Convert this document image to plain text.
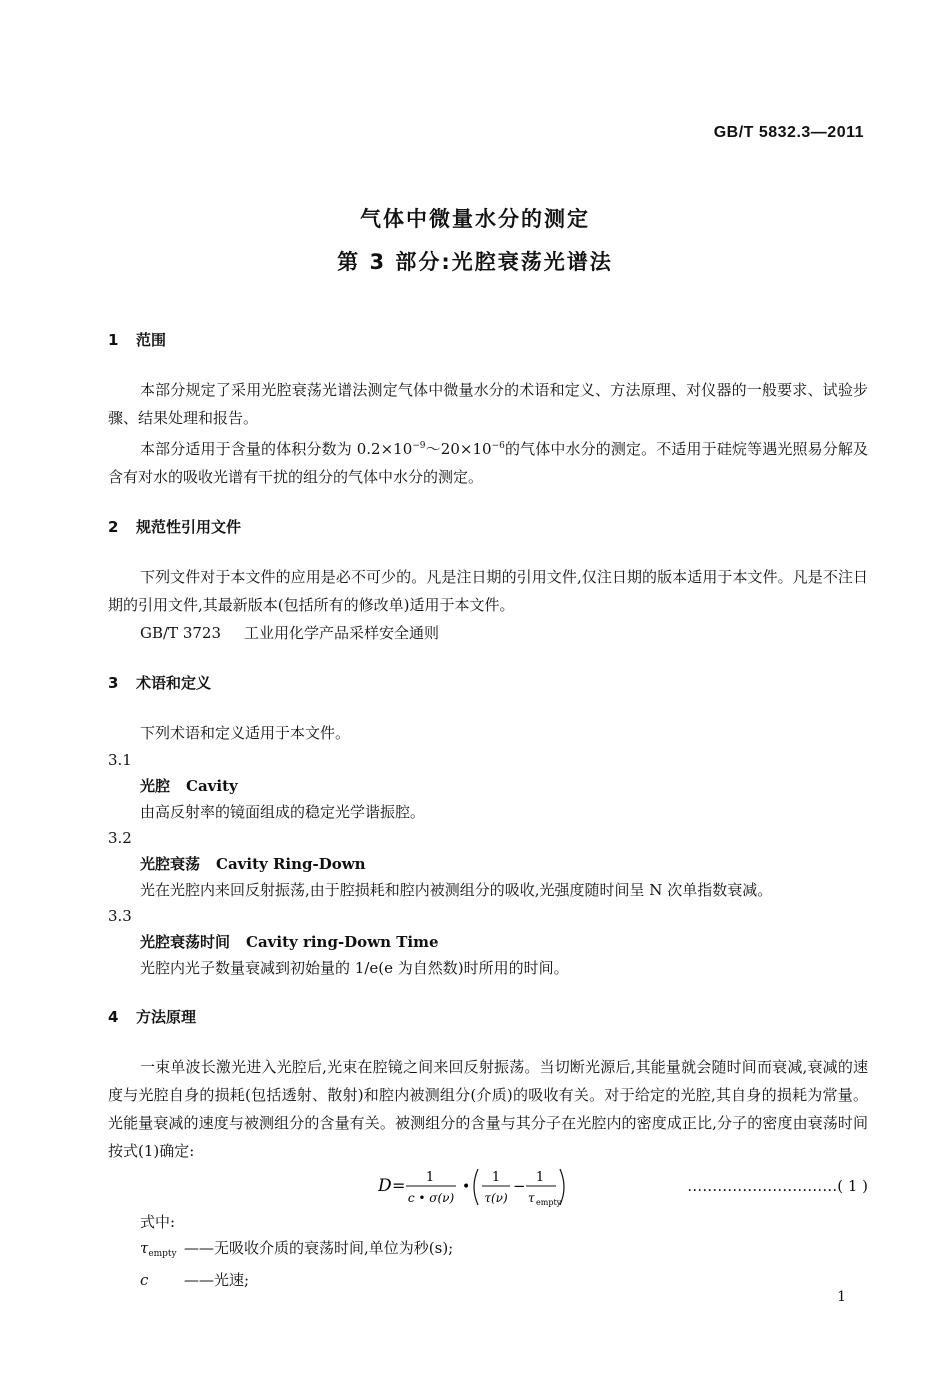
GB/T 5832.3—2011
气体中微量水分的测定
第 3 部分:光腔衰荡光谱法
1 范围
本部分规定了采用光腔衰荡光谱法测定气体中微量水分的术语和定义、方法原理、对仪器的一般要求、试验步骤、结果处理和报告。
本部分适用于含量的体积分数为 $0.2\times 10^{-9}\sim 20\times 10^{-6}$的气体中水分的测定。不适用于硅烷等遇光照易分解及含有对水的吸收光谱有干扰的组分的气体中水分的测定。
2 规范性引用文件
下列文件对于本文件的应用是必不可少的。凡是注日期的引用文件,仅注日期的版本适用于本文件。凡是不注日期的引用文件,其最新版本(包括所有的修改单)适用于本文件。
GB/T 3723 工业用化学产品采样安全通则
3 术语和定义
下列术语和定义适用于本文件。
3.1
光腔 Cavity
由高反射率的镜面组成的稳定光学谐振腔。
3.2
光腔衰荡 Cavity Ring-Down
光在光腔内来回反射振荡,由于腔损耗和腔内被测组分的吸收,光强度随时间呈 N 次单指数衰减。
3.3
光腔衰荡时间 Cavity ring-Down Time
光腔内光子数量衰减到初始量的 1/e(e 为自然数)时所用的时间。
4 方法原理
一束单波长激光进入光腔后,光束在腔镜之间来回反射振荡。当切断光源后,其能量就会随时间而衰减,衰减的速度与光腔自身的损耗(包括透射、散射)和腔内被测组分(介质)的吸收有关。对于给定的光腔,其自身的损耗为常量。光能量衰减的速度与被测组分的含量有关。被测组分的含量与其分子在光腔内的密度成正比,分子的密度由衰荡时间按式(1)确定:
D = 1
c • σ(ν)
•
1
τ(ν)
− 1
τ empty
…………………………( 1 )
式中:
$\tau_{empty}$ ——无吸收介质的衰荡时间,单位为秒(s);
c ——光速;
1
